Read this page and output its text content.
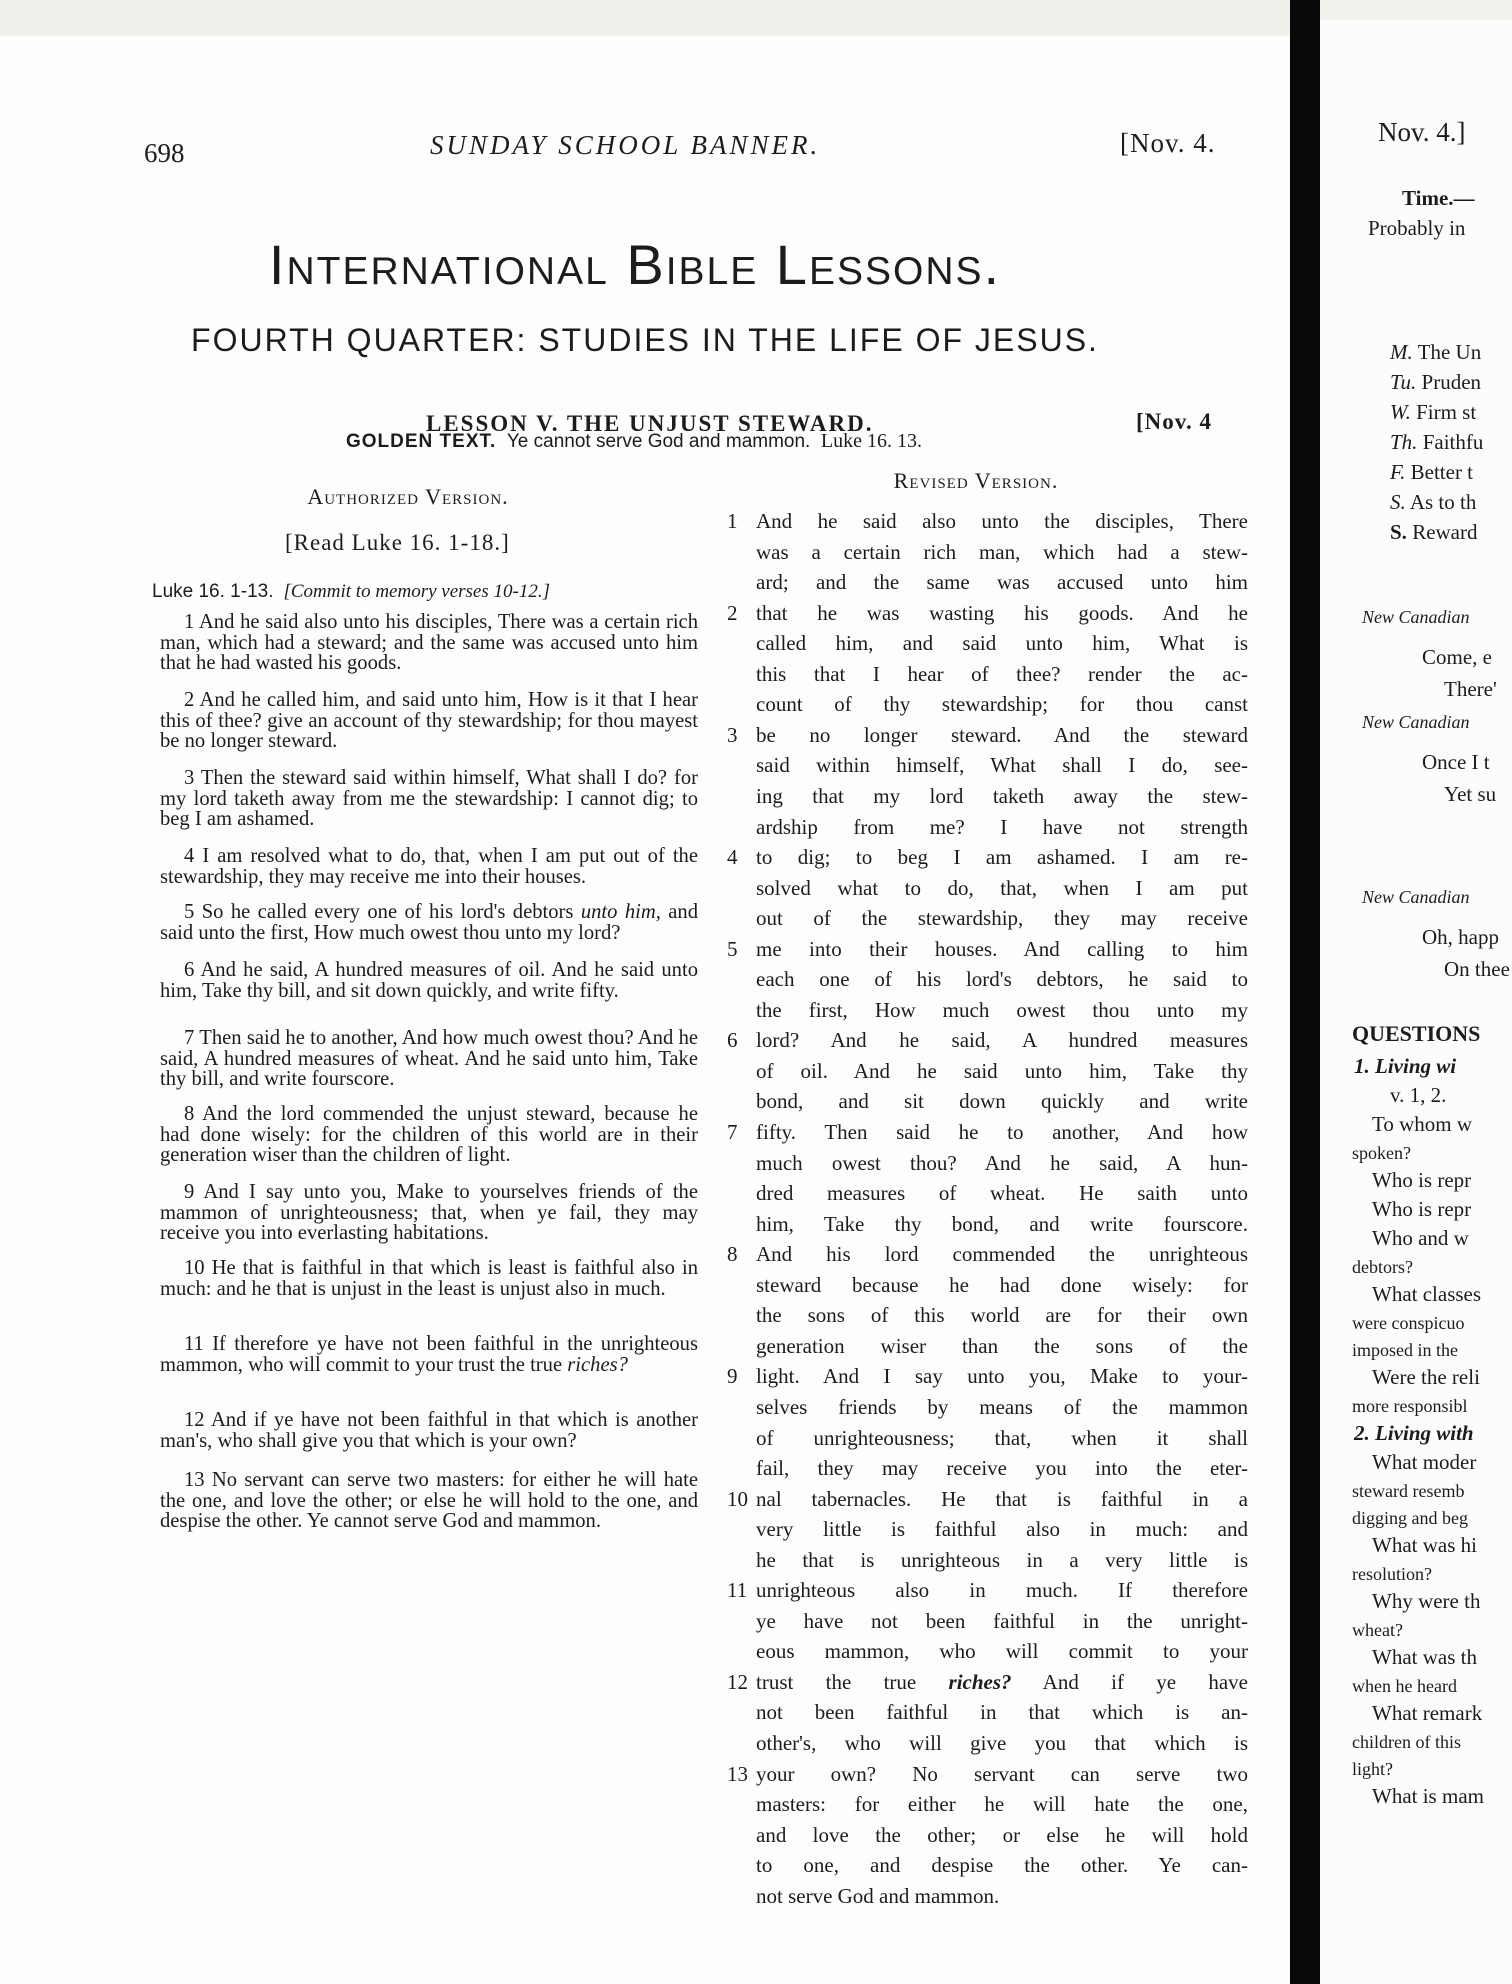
698	SUNDAY SCHOOL BANNER.	[Nov. 4.
International Bible Lessons.
FOURTH QUARTER: STUDIES IN THE LIFE OF JESUS.
LESSON V. THE UNJUST STEWARD.	[Nov. 4
GOLDEN TEXT. Ye cannot serve God and mammon. Luke 16. 13.
Authorized Version.
[Read Luke 16. 1-18.]
Luke 16. 1-13. [Commit to memory verses 10-12.]
1 And he said also unto his disciples, There was a certain rich man, which had a steward; and the same was accused unto him that he had wasted his goods.
2 And he called him, and said unto him, How is it that I hear this of thee? give an account of thy stewardship; for thou mayest be no longer steward.
3 Then the steward said within himself, What shall I do? for my lord taketh away from me the stewardship: I cannot dig; to beg I am ashamed.
4 I am resolved what to do, that, when I am put out of the stewardship, they may receive me into their houses.
5 So he called every one of his lord's debtors unto him, and said unto the first, How much owest thou unto my lord?
6 And he said, A hundred measures of oil. And he said unto him, Take thy bill, and sit down quickly, and write fifty.
7 Then said he to another, And how much owest thou? And he said, A hundred measures of wheat. And he said unto him, Take thy bill, and write fourscore.
8 And the lord commended the unjust steward, because he had done wisely: for the children of this world are in their generation wiser than the children of light.
9 And I say unto you, Make to yourselves friends of the mammon of unrighteousness; that, when ye fail, they may receive you into everlasting habitations.
10 He that is faithful in that which is least is faithful also in much: and he that is unjust in the least is unjust also in much.
11 If therefore ye have not been faithful in the unrighteous mammon, who will commit to your trust the true riches?
12 And if ye have not been faithful in that which is another man's, who shall give you that which is your own?
13 No servant can serve two masters: for either he will hate the one, and love the other; or else he will hold to the one, and despise the other. Ye cannot serve God and mammon.
Revised Version.
1 And he said also unto the disciples, There
was a certain rich man, which had a stew-
ard; and the same was accused unto him
2 that he was wasting his goods. And he
called him, and said unto him, What is
this that I hear of thee? render the ac-
count of thy stewardship; for thou canst
3 be no longer steward. And the steward
said within himself, What shall I do, see-
ing that my lord taketh away the stew-
ardship from me? I have not strength
4 to dig; to beg I am ashamed. I am re-
solved what to do, that, when I am put
out of the stewardship, they may receive
5 me into their houses. And calling to him
each one of his lord's debtors, he said to
the first, How much owest thou unto my
6 lord? And he said, A hundred measures
of oil. And he said unto him, Take thy
bond, and sit down quickly and write
7 fifty. Then said he to another, And how
much owest thou? And he said, A hun-
dred measures of wheat. He saith unto
him, Take thy bond, and write fourscore.
8 And his lord commended the unrighteous
steward because he had done wisely: for
the sons of this world are for their own
generation wiser than the sons of the
9 light. And I say unto you, Make to your-
selves friends by means of the mammon
of unrighteousness; that, when it shall
fail, they may receive you into the eter-
10 nal tabernacles. He that is faithful in a
very little is faithful also in much: and
he that is unrighteous in a very little is
11 unrighteous also in much. If therefore
ye have not been faithful in the unright-
eous mammon, who will commit to your
12 trust the true riches? And if ye have
not been faithful in that which is an-
other's, who will give you that which is
13 your own? No servant can serve two
masters: for either he will hate the one,
and love the other; or else he will hold
to one, and despise the other. Ye can-
not serve God and mammon.
Nov. 4.]
Time.—
Probably in
M. The Un
Tu. Pruden
W. Firm st
Th. Faithfu
F. Better t
S. As to th
S. Reward
New Canadian
Come, e
There'
New Canadian
Once I t
Yet su
New Canadian
Oh, happ
On thee
QUESTIONS
1. Living wi
v. 1, 2.
To whom w
spoken?
Who is repr
Who is repr
Who and w
debtors?
What classes
were conspicuo
imposed in the
Were the reli
more responsibl
2. Living with
What moder
steward resemb
digging and beg
What was hi
resolution?
Why were th
wheat?
What was th
when he heard
What remark
children of this
light?
What is mam
